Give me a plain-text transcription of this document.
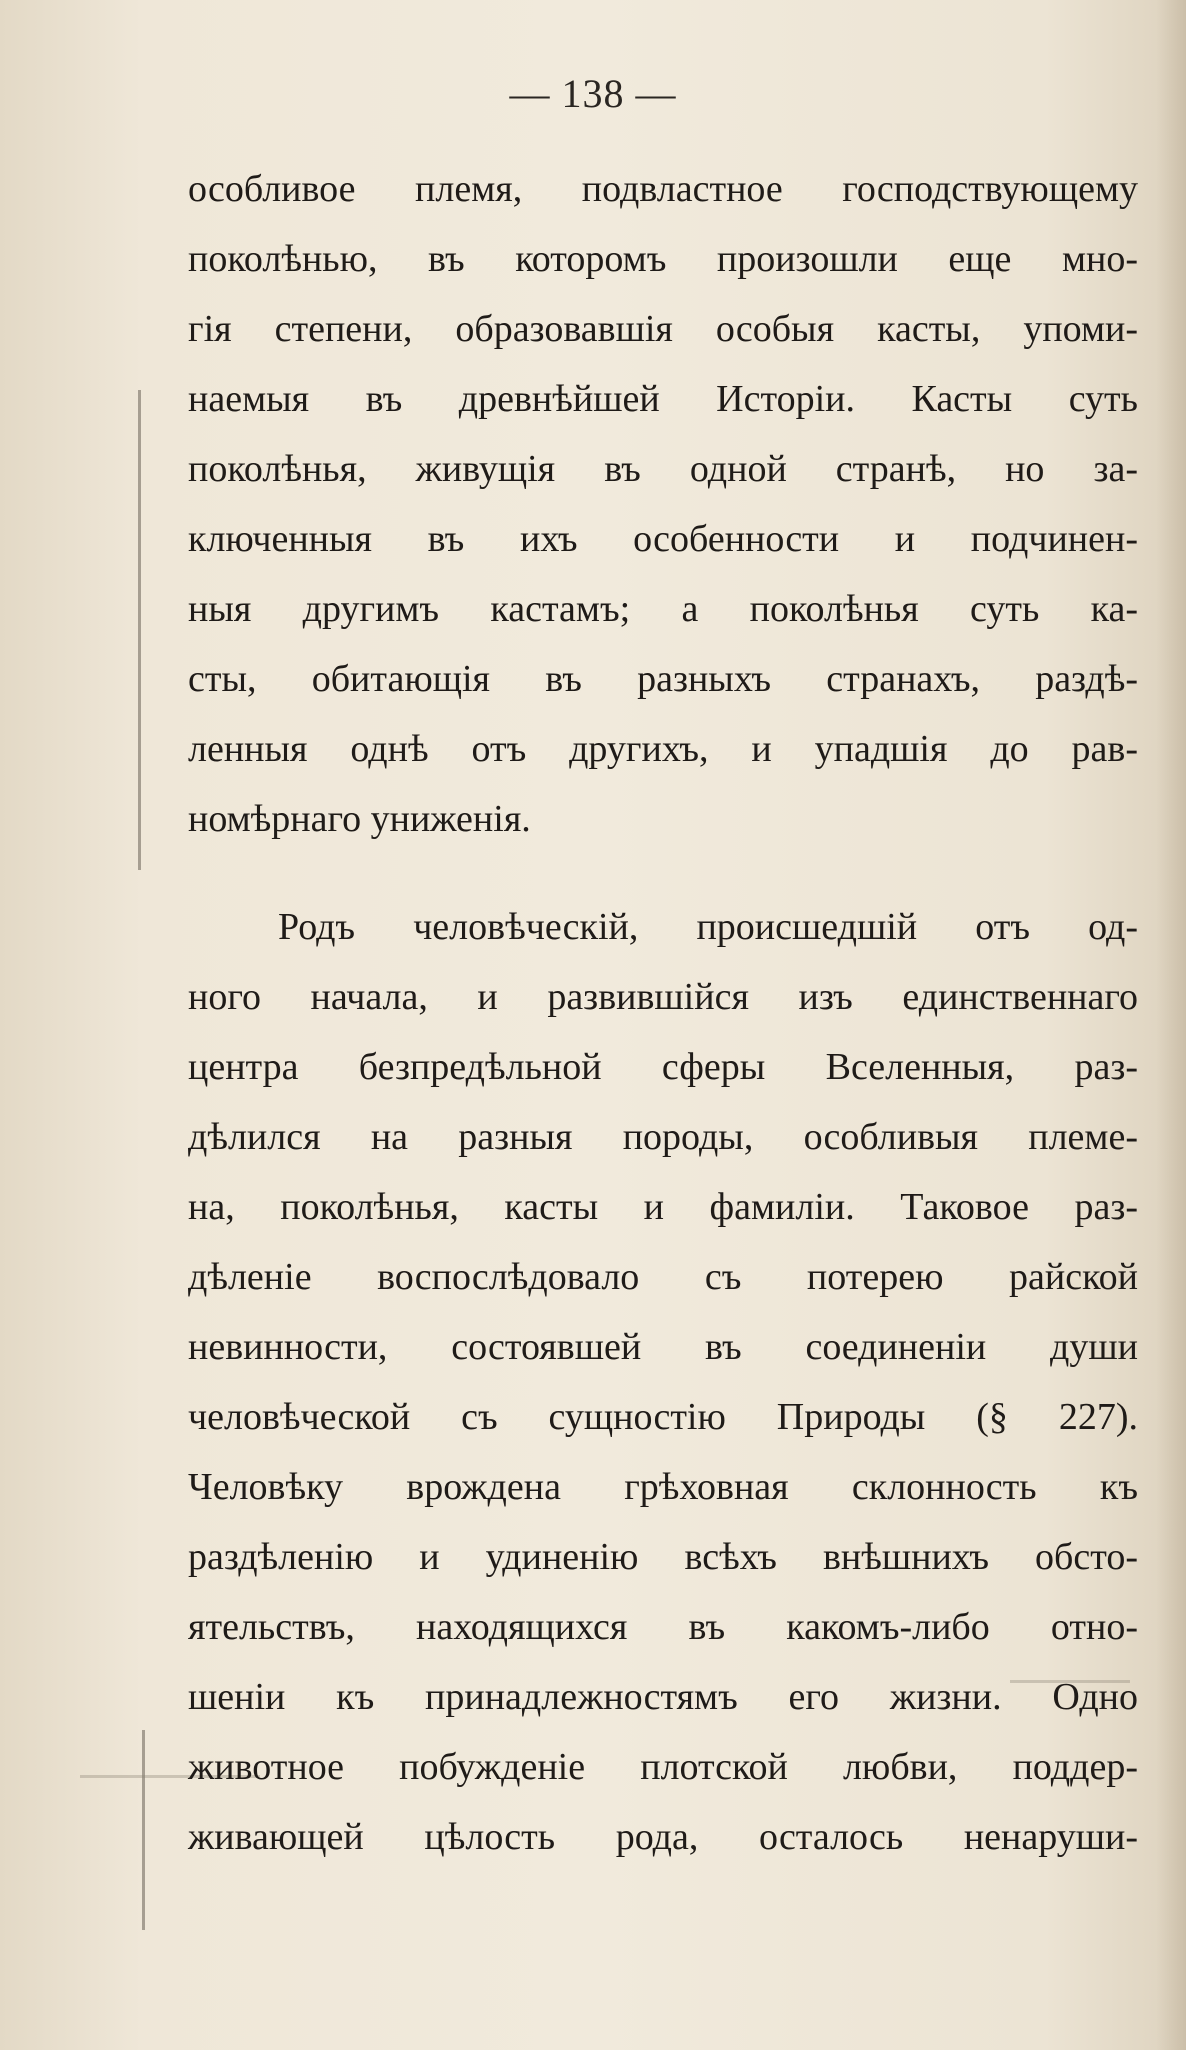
— 138 —
особливое племя, подвластное господствующему
поколѣнью, въ которомъ произошли еще мно-
гія степени, образовавшія особыя касты, упоми-
наемыя въ древнѣйшей Исторіи. Касты суть
поколѣнья, живущія въ одной странѣ, но за-
ключенныя въ ихъ особенности и подчинен-
ныя другимъ кастамъ; а поколѣнья суть ка-
сты, обитающія въ разныхъ странахъ, раздѣ-
ленныя однѣ отъ другихъ, и упадшія до рав-
номѣрнаго униженія.
Родъ человѣческій, происшедшій отъ од-
ного начала, и развившійся изъ единственнаго
центра безпредѣльной сферы Вселенныя, раз-
дѣлился на разныя породы, особливыя племе-
на, поколѣнья, касты и фамиліи. Таковое раз-
дѣленіе воспослѣдовало съ потерею райской
невинности, состоявшей въ соединеніи души
человѣческой съ сущностію Природы (§ 227).
Человѣку врождена грѣховная склонность къ
раздѣленію и удиненію всѣхъ внѣшнихъ обсто-
ятельствъ, находящихся въ какомъ-либо отно-
шеніи къ принадлежностямъ его жизни. Одно
животное побужденіе плотской любви, поддер-
живающей цѣлость рода, осталось ненаруши-
